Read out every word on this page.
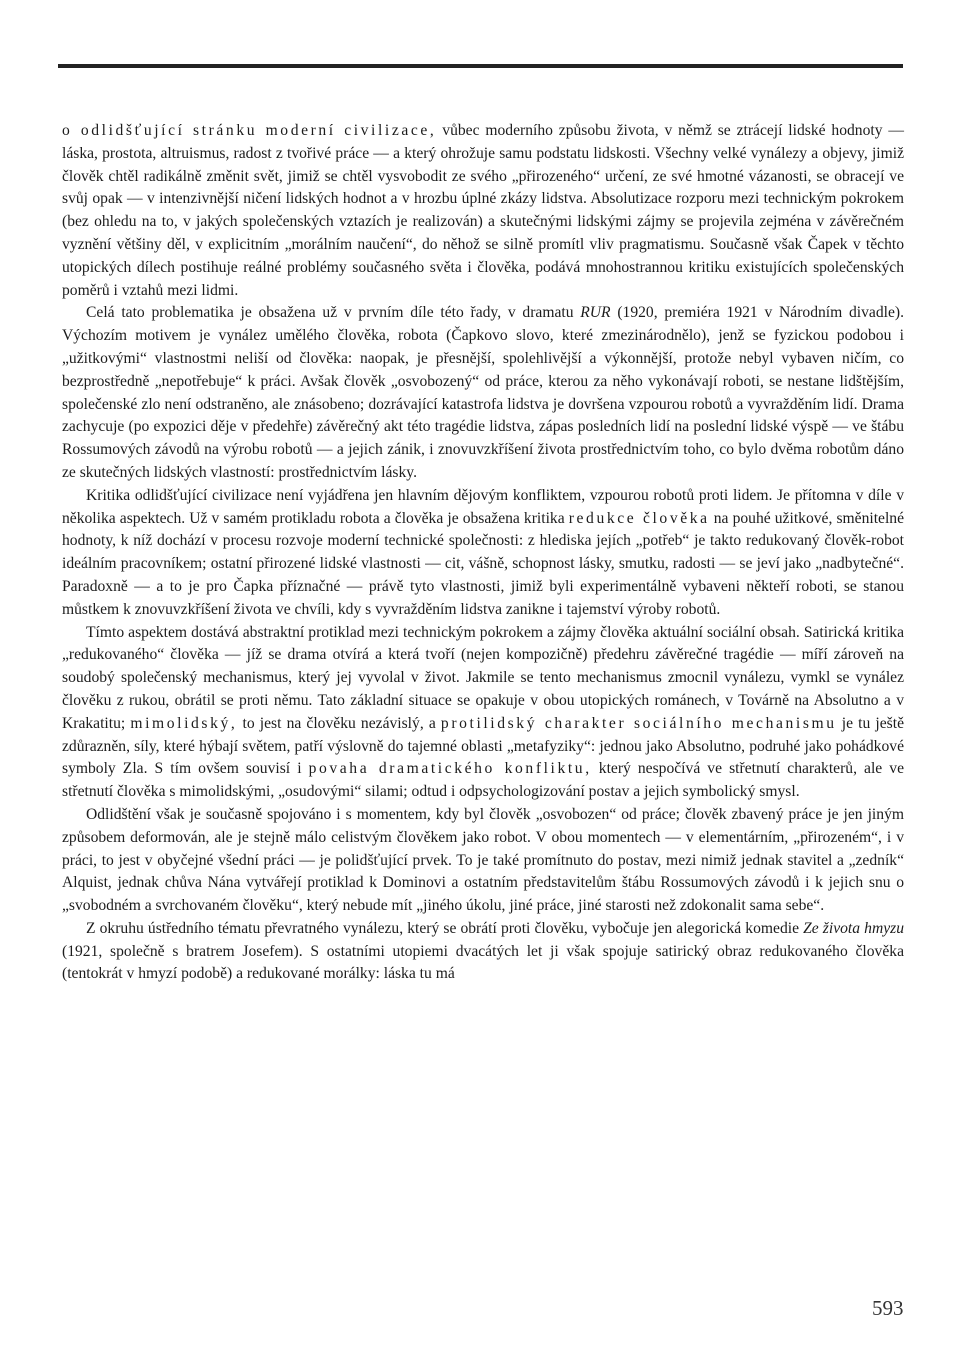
o odlidšťující stránku moderní civilizace, vůbec moderního způsobu života, v němž se ztrácejí lidské hodnoty — láska, prostota, altruismus, radost z tvořivé práce — a který ohrožuje samu podstatu lidskosti. Všechny velké vynálezy a objevy, jimiž člověk chtěl radikálně změnit svět, jimiž se chtěl vysvobodit ze svého „přirozeného“ určení, ze své hmotné vázanosti, se obracejí ve svůj opak — v intenzivnější ničení lidských hodnot a v hrozbu úplné zkázy lidstva. Absolutizace rozporu mezi technickým pokrokem (bez ohledu na to, v jakých společenských vztazích je realizován) a skutečnými lidskými zájmy se projevila zejména v závěrečném vyznění většiny děl, v explicitním „morálním naučení“, do něhož se silně promítl vliv pragmatismu. Současně však Čapek v těchto utopických dílech postihuje reálné problémy současného světa i člověka, podává mnohostrannou kritiku existujících společenských poměrů i vztahů mezi lidmi.

Celá tato problematika je obsažena už v prvním díle této řady, v dramatu RUR (1920, premiéra 1921 v Národním divadle). Výchozím motivem je vynález umělého člověka, robota (Čapkovo slovo, které zmezinárodnělo), jenž se fyzickou podobou i „užitkovými“ vlastnostmi neliší od člověka: naopak, je přesnější, spolehlivější a výkonnější, protože nebyl vybaven ničím, co bezprostředně „nepotřebuje“ k práci. Avšak člověk „osvobozený“ od práce, kterou za něho vykonávají roboti, se nestane lidštějším, společenské zlo není odstraněno, ale znásobeno; dozrávající katastrofa lidstva je dovršena vzpourou robotů a vyvražděním lidí. Drama zachycuje (po expozici děje v předehře) závěrečný akt této tragédie lidstva, zápas posledních lidí na poslední lidské výspě — ve štábu Rossumových závodů na výrobu robotů — a jejich zánik, i znovuvzkříšení života prostřednictvím toho, co bylo dvěma robotům dáno ze skutečných lidských vlastností: prostřednictvím lásky.

Kritika odlidšťující civilizace není vyjádřena jen hlavním dějovým konfliktem, vzpourou robotů proti lidem. Je přítomna v díle v několika aspektech. Už v samém protikladu robota a člověka je obsažena kritika redukce člověka na pouhé užitkové, směnitelné hodnoty, k níž dochází v procesu rozvoje moderní technické společnosti: z hlediska jejích „potřeb“ je takto redukovaný člověk-robot ideálním pracovníkem; ostatní přirozené lidské vlastnosti — cit, vášně, schopnost lásky, smutku, radosti — se jeví jako „nadbytečné“. Paradoxně — a to je pro Čapka příznačné — právě tyto vlastnosti, jimiž byli experimentálně vybaveni někteří roboti, se stanou můstkem k znovuvzkříšení života ve chvíli, kdy s vyvražděním lidstva zanikne i tajemství výroby robotů.

Tímto aspektem dostává abstraktní protiklad mezi technickým pokrokem a zájmy člověka aktuální sociální obsah. Satirická kritika „redukovaného“ člověka — jíž se drama otvírá a která tvoří (nejen kompozičně) předehru závěrečné tragédie — míří zároveň na soudobý společenský mechanismus, který jej vyvolal v život. Jakmile se tento mechanismus zmocnil vynálezu, vymkl se vynález člověku z rukou, obrátil se proti němu. Tato základní situace se opakuje v obou utopických románech, v Továrně na Absolutno a v Krakatitu; mimolidský, to jest na člověku nezávislý, a protilidský charakter sociálního mechanismu je tu ještě zdůrazněn, síly, které hýbají světem, patří výslovně do tajemné oblasti „metafyziky“: jednou jako Absolutno, podruhé jako pohádkové symboly Zla. S tím ovšem souvisí i povaha dramatického konfliktu, který nespočívá ve střetnutí charakterů, ale ve střetnutí člověka s mimolidskými, „osudovými“ silami; odtud i odpsychologizování postav a jejich symbolický smysl.

Odlidštění však je současně spojováno i s momentem, kdy byl člověk „osvobozen“ od práce; člověk zbavený práce je jen jiným způsobem deformován, ale je stejně málo celistvým člověkem jako robot. V obou momentech — v elementárním, „přirozeném“, i v práci, to jest v obyčejné všední práci — je polidšťující prvek. To je také promítnuto do postav, mezi nimiž jednak stavitel a „zedník“ Alquist, jednak chůva Nána vytvářejí protiklad k Dominovi a ostatním představitelům štábu Rossumových závodů i k jejich snu o „svobodném a svrchovaném člověku“, který nebude mít „jiného úkolu, jiné práce, jiné starosti než zdokonalit sama sebe“.

Z okruhu ústředního tématu převratného vynálezu, který se obrátí proti člověku, vybočuje jen alegorická komedie Ze života hmyzu (1921, společně s bratrem Josefem). S ostatními utopiemi dvacátých let ji však spojuje satirický obraz redukovaného člověka (tentokrát v hmyzí podobě) a redukované morálky: láska tu má

593
